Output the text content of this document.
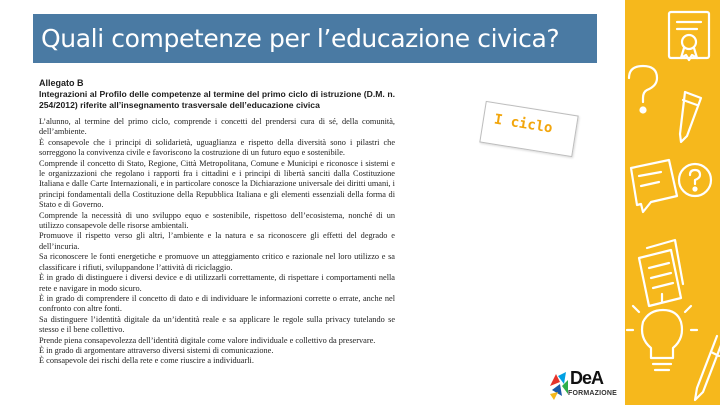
Quali competenze per l’educazione civica?
Allegato B
Integrazioni al Profilo delle competenze al termine del primo ciclo di istruzione (D.M. n. 254/2012) riferite all’insegnamento trasversale dell’educazione civica
L’alunno, al termine del primo ciclo, comprende i concetti del prendersi cura di sé, della comunità, dell’ambiente.
È consapevole che i principi di solidarietà, uguaglianza e rispetto della diversità sono i pilastri che sorreggono la convivenza civile e favoriscono la costruzione di un futuro equo e sostenibile.
Comprende il concetto di Stato, Regione, Città Metropolitana, Comune e Municipi e riconosce i sistemi e le organizzazioni che regolano i rapporti fra i cittadini e i principi di libertà sanciti dalla Costituzione Italiana e dalle Carte Internazionali, e in particolare conosce la Dichiarazione universale dei diritti umani, i principi fondamentali della Costituzione della Repubblica Italiana e gli elementi essenziali della forma di Stato e di Governo.
Comprende la necessità di uno sviluppo equo e sostenibile, rispettoso dell’ecosistema, nonché di un utilizzo consapevole delle risorse ambientali.
Promuove il rispetto verso gli altri, l’ambiente e la natura e sa riconoscere gli effetti del degrado e dell’incuria.
Sa riconoscere le fonti energetiche e promuove un atteggiamento critico e razionale nel loro utilizzo e sa classificare i rifiuti, sviluppandone l’attività di riciclaggio.
È in grado di distinguere i diversi device e di utilizzarli correttamente, di rispettare i comportamenti nella rete e navigare in modo sicuro.
È in grado di comprendere il concetto di dato e di individuare le informazioni corrette o errate, anche nel confronto con altre fonti.
Sa distinguere l’identità digitale da un’identità reale e sa applicare le regole sulla privacy tutelando se stesso e il bene collettivo.
Prende piena consapevolezza dell’identità digitale come valore individuale e collettivo da preservare.
È in grado di argomentare attraverso diversi sistemi di comunicazione.
È consapevole dei rischi della rete e come riuscire a individuarli.
I ciclo
DeA
FORMAZIONE
